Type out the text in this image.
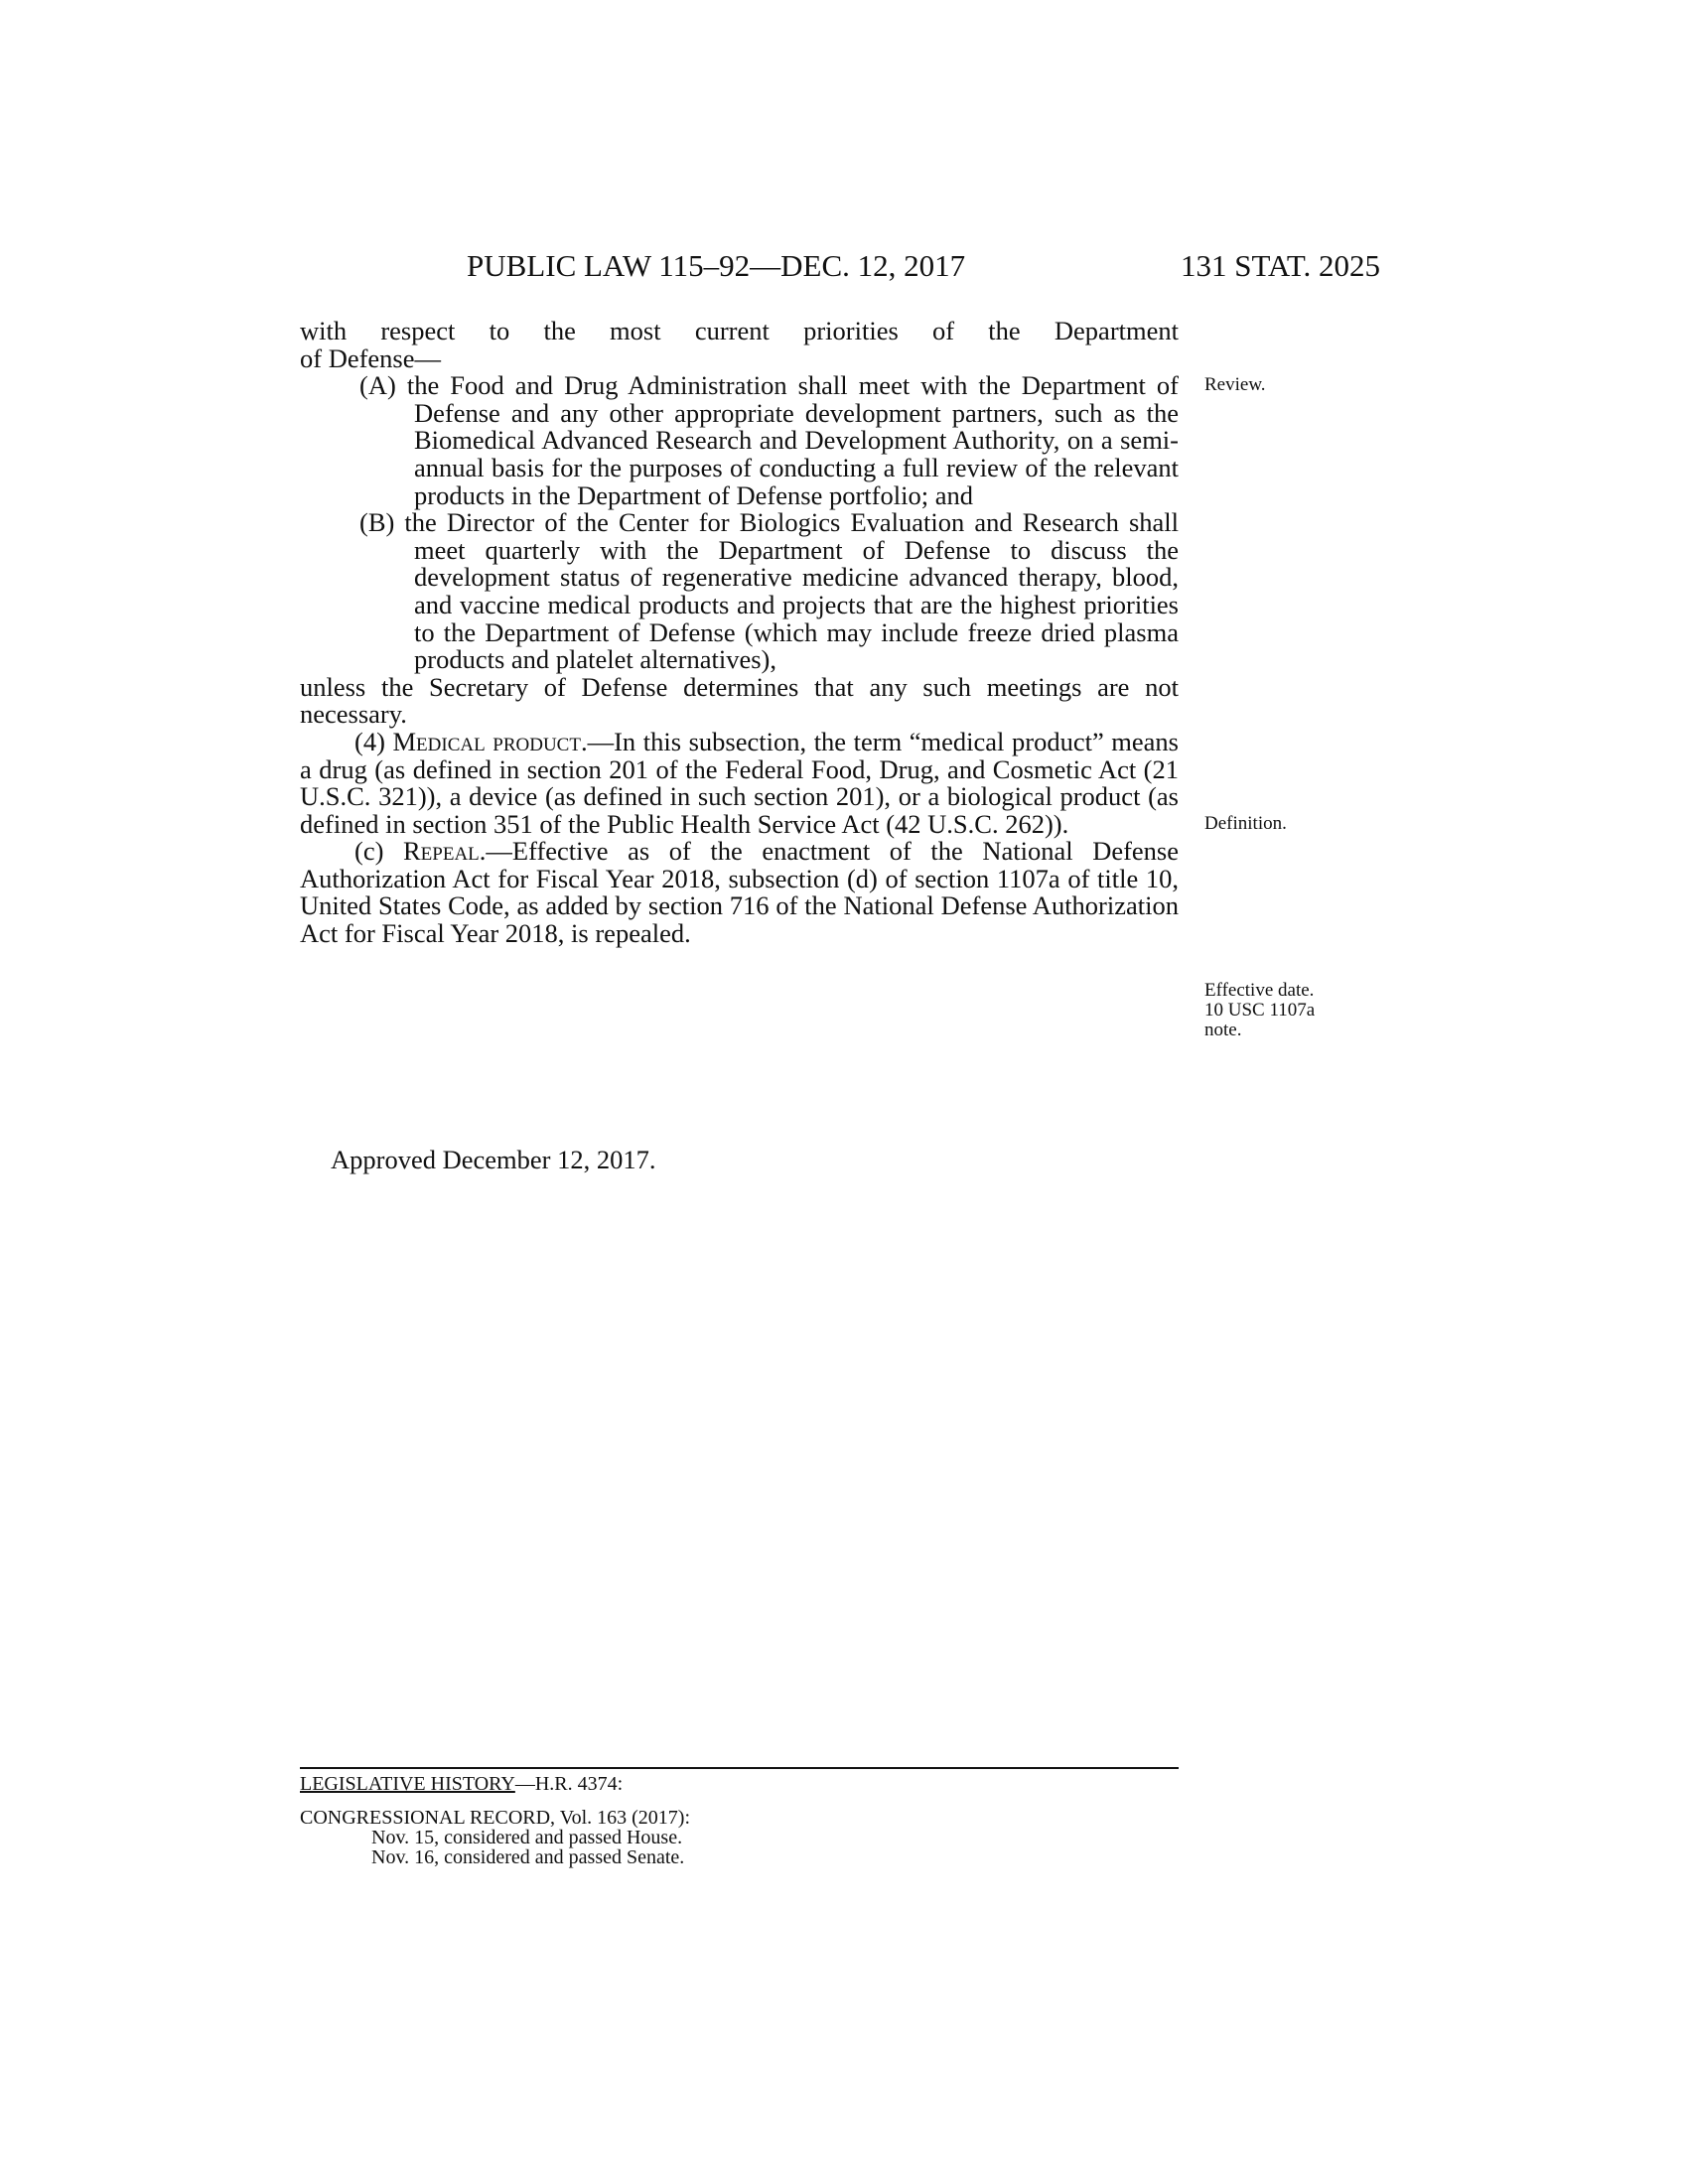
PUBLIC LAW 115–92—DEC. 12, 2017	131 STAT. 2025

with respect to the most current priorities of the Department

of Defense—

(A) the Food and Drug Administration shall meet with the Department of Defense and any other appropriate development partners, such as the Biomedical Advanced Research and Development Authority, on a semi-annual basis for the purposes of conducting a full review of the relevant products in the Department of Defense portfolio; and

(B) the Director of the Center for Biologics Evaluation and Research shall meet quarterly with the Department of Defense to discuss the development status of regenerative medicine advanced therapy, blood, and vaccine medical products and projects that are the highest priorities to the Department of Defense (which may include freeze dried plasma products and platelet alternatives),

unless the Secretary of Defense determines that any such meetings are not necessary.

(4) Medical product.—In this subsection, the term “medical product” means a drug (as defined in section 201 of the Federal Food, Drug, and Cosmetic Act (21 U.S.C. 321)), a device (as defined in such section 201), or a biological product (as defined in section 351 of the Public Health Service Act (42 U.S.C. 262)).

(c) Repeal.—Effective as of the enactment of the National Defense Authorization Act for Fiscal Year 2018, subsection (d) of section 1107a of title 10, United States Code, as added by section 716 of the National Defense Authorization Act for Fiscal Year 2018, is repealed.

Review.
Definition.
Effective date.
10 USC 1107a
note.
Approved December 12, 2017.
LEGISLATIVE HISTORY—H.R. 4374:
CONGRESSIONAL RECORD, Vol. 163 (2017):
Nov. 15, considered and passed House.
Nov. 16, considered and passed Senate.
